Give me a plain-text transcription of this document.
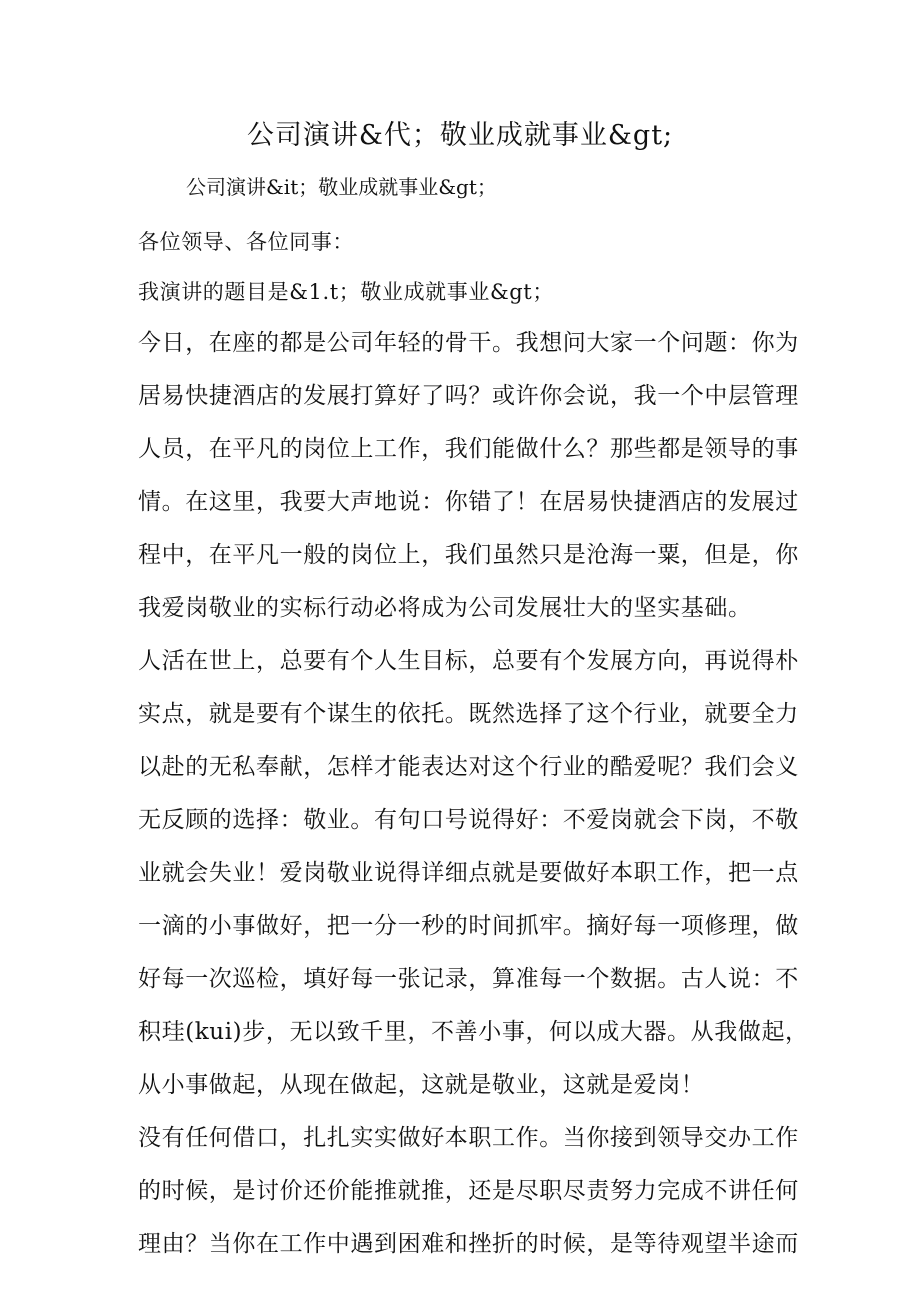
公司演讲&代；敬业成就事业&gt;
公司演讲&it；敬业成就事业&gt；
各位领导、各位同事：
我演讲的题目是&1.t；敬业成就事业&gt；
今日，在座的都是公司年轻的骨干。我想问大家一个问题：你为
居易快捷酒店的发展打算好了吗？或许你会说，我一个中层管理
人员，在平凡的岗位上工作，我们能做什么？那些都是领导的事
情。在这里，我要大声地说：你错了！在居易快捷酒店的发展过
程中，在平凡一般的岗位上，我们虽然只是沧海一粟，但是，你
我爱岗敬业的实标行动必将成为公司发展壮大的坚实基础。
人活在世上，总要有个人生目标，总要有个发展方向，再说得朴
实点，就是要有个谋生的依托。既然选择了这个行业，就要全力
以赴的无私奉献，怎样才能表达对这个行业的酷爱呢？我们会义
无反顾的选择：敬业。有句口号说得好：不爱岗就会下岗，不敬
业就会失业！爱岗敬业说得详细点就是要做好本职工作，把一点
一滴的小事做好，把一分一秒的时间抓牢。摘好每一项修理，做
好每一次巡检，填好每一张记录，算准每一个数据。古人说：不
积珪(kui)步，无以致千里，不善小事，何以成大器。从我做起，
从小事做起，从现在做起，这就是敬业，这就是爱岗！
没有任何借口，扎扎实实做好本职工作。当你接到领导交办工作
的时候，是讨价还价能推就推，还是尽职尽责努力完成不讲任何
理由？当你在工作中遇到困难和挫折的时候，是等待观望半途而
